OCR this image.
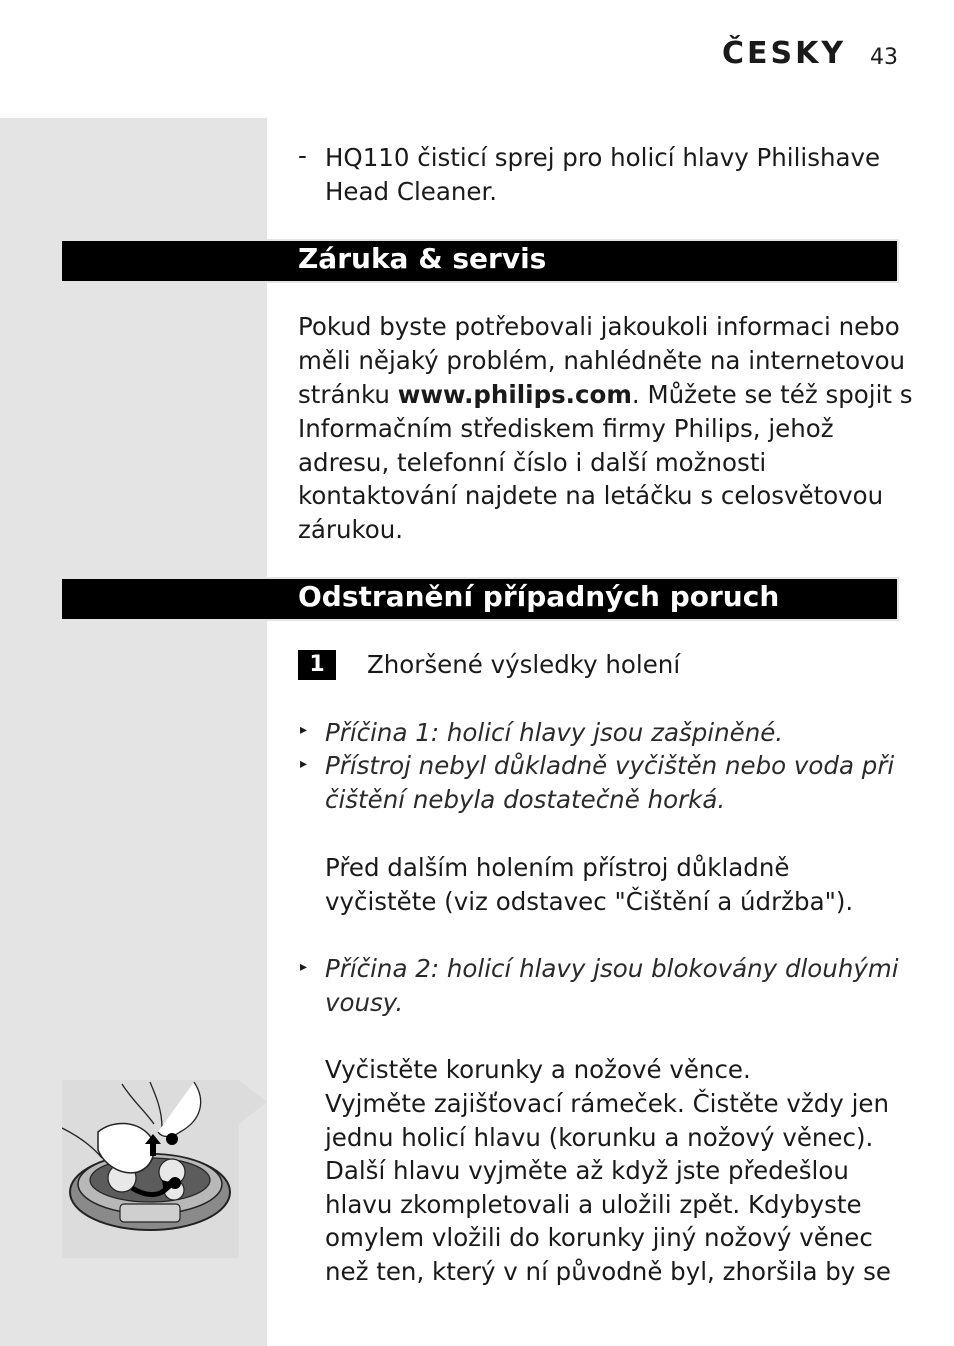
ČESKY 43
- HQ110 čisticí sprej pro holicí hlavy Philishave

Head Cleaner.

Záruka & servis

Pokud byste potřebovali jakoukoli informaci nebo

měli nějaký problém, nahlédněte na internetovou

stránku www.philips.com. Můžete se též spojit s

Informačním střediskem firmy Philips, jehož

adresu, telefonní číslo i další možnosti

kontaktování najdete na letáčku s celosvětovou

zárukou.

Odstranění případných poruch
1	Zhoršené výsledky holení

▸ Příčina 1: holicí hlavy jsou zašpiněné.

▸ Přístroj nebyl důkladně vyčištěn nebo voda při

čištění nebyla dostatečně horká.

Před dalším holením přístroj důkladně

vyčistěte (viz odstavec "Čištění a údržba").

▸ Příčina 2: holicí hlavy jsou blokovány dlouhými

vousy.

Vyčistěte korunky a nožové věnce.

Vyjměte zajišťovací rámeček. Čistěte vždy jen

jednu holicí hlavu (korunku a nožový věnec).

Další hlavu vyjměte až když jste předešlou

hlavu zkompletovali a uložili zpět. Kdybyste

omylem vložili do korunky jiný nožový věnec

než ten, který v ní původně byl, zhoršila by se
